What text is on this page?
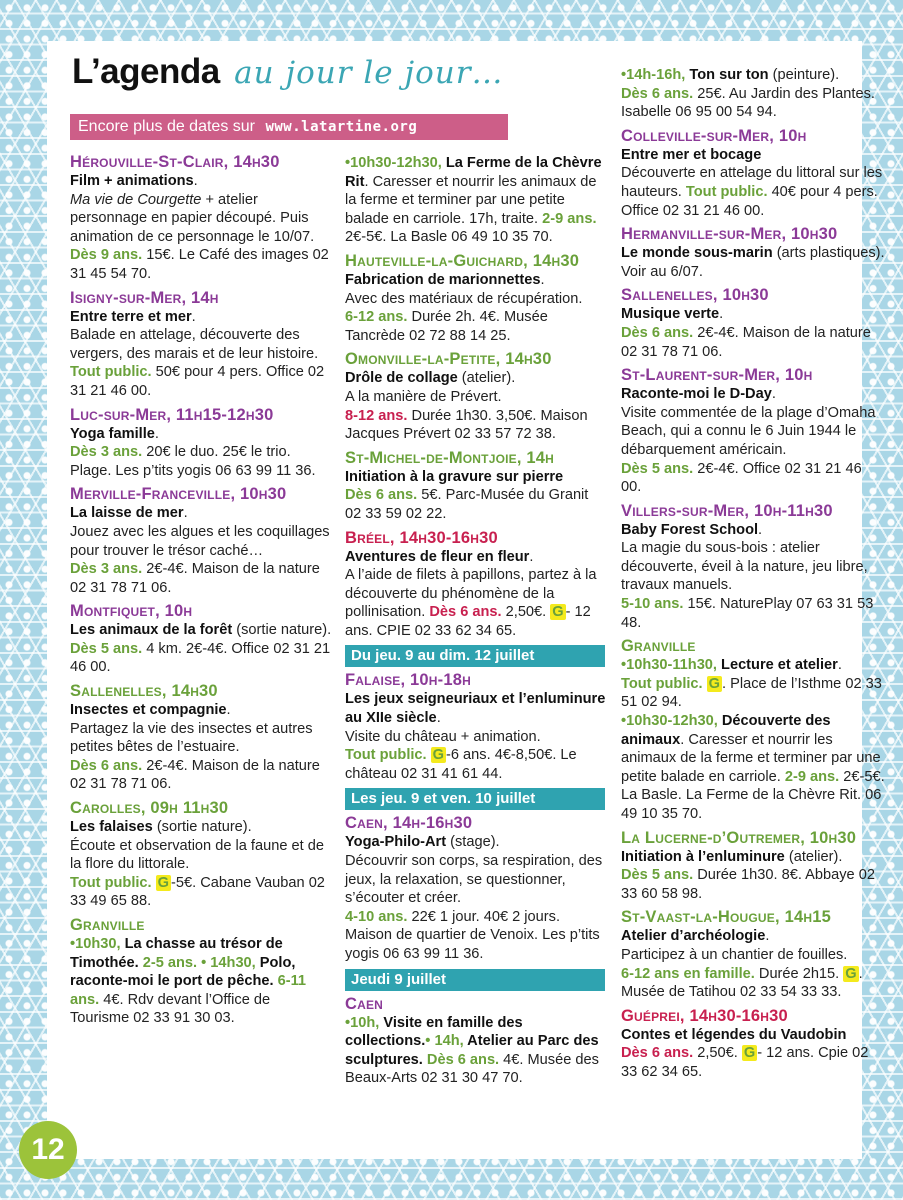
L’agenda au jour le jour…
Encore plus de dates sur www.latartine.org
Hérouville-St-Clair, 14h30
Film + animations.
Ma vie de Courgette + atelier personnage en papier découpé. Puis animation de ce personnage le 10/07.
Dès 9 ans. 15€. Le Café des images 02 31 45 54 70.
Isigny-sur-Mer, 14h
Entre terre et mer.
Balade en attelage, découverte des vergers, des marais et de leur histoire.
Tout public. 50€ pour 4 pers. Office 02 31 21 46 00.
Luc-sur-Mer, 11h15-12h30
Yoga famille.
Dès 3 ans. 20€ le duo. 25€ le trio. Plage. Les p’tits yogis 06 63 99 11 36.
Merville-Franceville, 10h30
La laisse de mer.
Jouez avec les algues et les coquillages pour trouver le trésor caché…
Dès 3 ans. 2€-4€. Maison de la nature 02 31 78 71 06.
Montfiquet, 10h
Les animaux de la forêt (sortie nature).
Dès 5 ans. 4 km. 2€-4€. Office 02 31 21 46 00.
Sallenelles, 14h30
Insectes et compagnie.
Partagez la vie des insectes et autres petites bêtes de l’estuaire.
Dès 6 ans. 2€-4€. Maison de la nature 02 31 78 71 06.
Carolles, 09h 11h30
Les falaises (sortie nature).
Écoute et observation de la faune et de la flore du littorale.
Tout public. G -5€. Cabane Vauban 02 33 49 65 88.
Granville
•10h30, La chasse au trésor de Timothée. 2-5 ans. • 14h30, Polo, raconte-moi le port de pêche. 6-11 ans. 4€. Rdv devant l’Office de Tourisme 02 33 91 30 03.
•10h30-12h30, La Ferme de la Chèvre Rit. Caresser et nourrir les animaux de la ferme et terminer par une petite balade en carriole. 17h, traite. 2-9 ans. 2€-5€. La Basle 06 49 10 35 70.
Hauteville-la-Guichard, 14h30
Fabrication de marionnettes.
Avec des matériaux de récupération.
6-12 ans. Durée 2h. 4€. Musée Tancrède 02 72 88 14 25.
Omonville-la-Petite, 14h30
Drôle de collage (atelier).
A la manière de Prévert.
8-12 ans. Durée 1h30. 3,50€. Maison Jacques Prévert 02 33 57 72 38.
St-Michel-de-Montjoie, 14h
Initiation à la gravure sur pierre
Dès 6 ans. 5€. Parc-Musée du Granit 02 33 59 02 22.
Bréel, 14h30-16h30
Aventures de fleur en fleur.
A l’aide de filets à papillons, partez à la découverte du phénomène de la pollinisation. Dès 6 ans. 2,50€. G - 12 ans. CPIE 02 33 62 34 65.
Du jeu. 9 au dim. 12 juillet
Falaise, 10h-18h
Les jeux seigneuriaux et l’enluminure au XIIe siècle.
Visite du château + animation.
Tout public. G -6 ans. 4€-8,50€. Le château 02 31 41 61 44.
Les jeu. 9 et ven. 10 juillet
Caen, 14h-16h30
Yoga-Philo-Art (stage).
Découvrir son corps, sa respiration, des jeux, la relaxation, se questionner, s’écouter et créer.
4-10 ans. 22€ 1 jour. 40€ 2 jours. Maison de quartier de Venoix. Les p’tits yogis 06 63 99 11 36.
Jeudi 9 juillet
Caen
•10h, Visite en famille des collections.• 14h, Atelier au Parc des sculptures. Dès 6 ans. 4€. Musée des Beaux-Arts 02 31 30 47 70.
•14h-16h, Ton sur ton (peinture).
Dès 6 ans. 25€. Au Jardin des Plantes. Isabelle 06 95 00 54 94.
Colleville-sur-Mer, 10h
Entre mer et bocage
Découverte en attelage du littoral sur les hauteurs. Tout public. 40€ pour 4 pers. Office 02 31 21 46 00.
Hermanville-sur-Mer, 10h30
Le monde sous-marin (arts plastiques). Voir au 6/07.
Sallenelles, 10h30
Musique verte.
Dès 6 ans. 2€-4€. Maison de la nature 02 31 78 71 06.
St-Laurent-sur-Mer, 10h
Raconte-moi le D-Day.
Visite commentée de la plage d’Omaha Beach, qui a connu le 6 Juin 1944 le débarquement américain.
Dès 5 ans. 2€-4€. Office 02 31 21 46 00.
Villers-sur-Mer, 10h-11h30
Baby Forest School.
La magie du sous-bois : atelier découverte, éveil à la nature, jeu libre, travaux manuels.
5-10 ans. 15€. NaturePlay 07 63 31 53 48.
Granville
•10h30-11h30, Lecture et atelier.
Tout public. G . Place de l’Isthme 02 33 51 02 94.
•10h30-12h30, Découverte des animaux. Caresser et nourrir les animaux de la ferme et terminer par une petite balade en carriole. 2-9 ans. 2€-5€. La Basle. La Ferme de la Chèvre Rit. 06 49 10 35 70.
La Lucerne-d’Outremer, 10h30
Initiation à l’enluminure (atelier).
Dès 5 ans. Durée 1h30. 8€. Abbaye 02 33 60 58 98.
St-Vaast-la-Hougue, 14h15
Atelier d’archéologie.
Participez à un chantier de fouilles.
6-12 ans en famille. Durée 2h15. G . Musée de Tatihou 02 33 54 33 33.
Guéprei, 14h30-16h30
Contes et légendes du Vaudobin
Dès 6 ans. 2,50€. G - 12 ans. Cpie 02 33 62 34 65.
12
